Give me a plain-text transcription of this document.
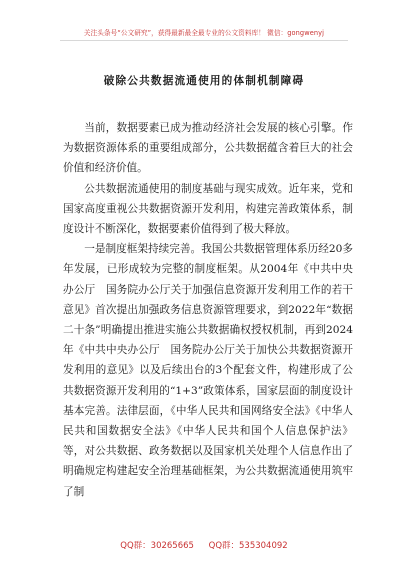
关注头条号“公文研究”，获得最新最全最专业的公文资料库！ 微信：gongwenyj
破除公共数据流通使用的体制机制障碍

当前，数据要素已成为推动经济社会发展的核心引擎。作为数据资源体系的重要组成部分，公共数据蕴含着巨大的社会价值和经济价值。

公共数据流通使用的制度基础与现实成效。近年来，党和国家高度重视公共数据资源开发利用，构建完善政策体系，制度设计不断深化，数据要素价值得到了极大释放。

一是制度框架持续完善。我国公共数据管理体系历经20多年发展，已形成较为完整的制度框架。从2004年《中共中央办公厅　国务院办公厅关于加强信息资源开发利用工作的若干意见》首次提出加强政务信息资源管理要求，到2022年“数据二十条”明确提出推进实施公共数据确权授权机制，再到2024年《中共中央办公厅　国务院办公厅关于加快公共数据资源开发利用的意见》以及后续出台的3个配套文件，构建形成了公共数据资源开发利用的“1+3”政策体系，国家层面的制度设计基本完善。法律层面，《中华人民共和国网络安全法》《中华人民共和国数据安全法》《中华人民共和国个人信息保护法》等，对公共数据、政务数据以及国家机关处理个人信息作出了明确规定构建起安全治理基础框架，为公共数据流通使用筑牢了制

QQ群：30265665 QQ群：535304092
